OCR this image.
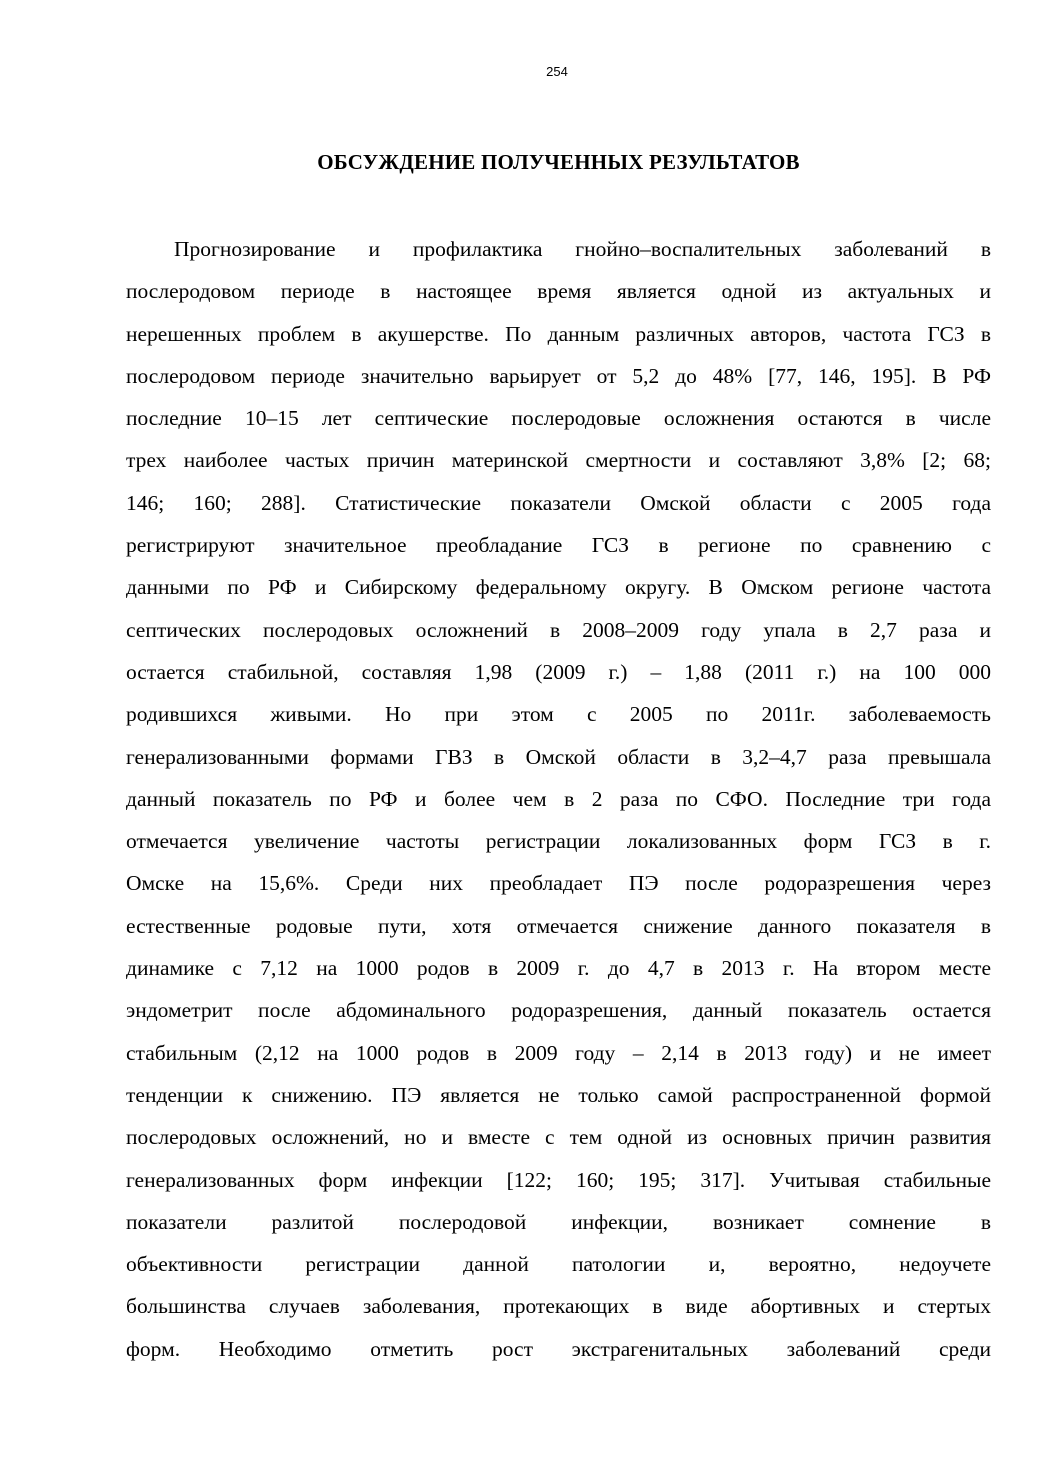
254
ОБСУЖДЕНИЕ ПОЛУЧЕННЫХ РЕЗУЛЬТАТОВ
Прогнозирование и профилактика гнойно–воспалительных заболеваний в
послеродовом периоде в настоящее время является одной из актуальных и
нерешенных проблем в акушерстве. По данным различных авторов, частота ГСЗ в
послеродовом периоде значительно варьирует от 5,2 до 48% [77, 146, 195]. В РФ
последние 10–15 лет септические послеродовые осложнения остаются в числе
трех наиболее частых причин материнской смертности и составляют 3,8% [2; 68;
146; 160; 288]. Статистические показатели Омской области с 2005 года
регистрируют значительное преобладание ГСЗ в регионе по сравнению с
данными по РФ и Сибирскому федеральному округу. В Омском регионе частота
септических послеродовых осложнений в 2008–2009 году упала в 2,7 раза и
остается стабильной, составляя 1,98 (2009 г.) – 1,88 (2011 г.) на 100 000
родившихся живыми. Но при этом с 2005 по 2011г. заболеваемость
генерализованными формами ГВЗ в Омской области в 3,2–4,7 раза превышала
данный показатель по РФ и более чем в 2 раза по СФО. Последние три года
отмечается увеличение частоты регистрации локализованных форм ГСЗ в г.
Омске на 15,6%. Среди них преобладает ПЭ после родоразрешения через
естественные родовые пути, хотя отмечается снижение данного показателя в
динамике с 7,12 на 1000 родов в 2009 г. до 4,7 в 2013 г. На втором месте
эндометрит после абдоминального родоразрешения, данный показатель остается
стабильным (2,12 на 1000 родов в 2009 году – 2,14 в 2013 году) и не имеет
тенденции к снижению. ПЭ является не только самой распространенной формой
послеродовых осложнений, но и вместе с тем одной из основных причин развития
генерализованных форм инфекции [122; 160; 195; 317]. Учитывая стабильные
показатели разлитой послеродовой инфекции, возникает сомнение в
объективности регистрации данной патологии и, вероятно, недоучете
большинства случаев заболевания, протекающих в виде абортивных и стертых
форм. Необходимо отметить рост экстрагенитальных заболеваний среди
